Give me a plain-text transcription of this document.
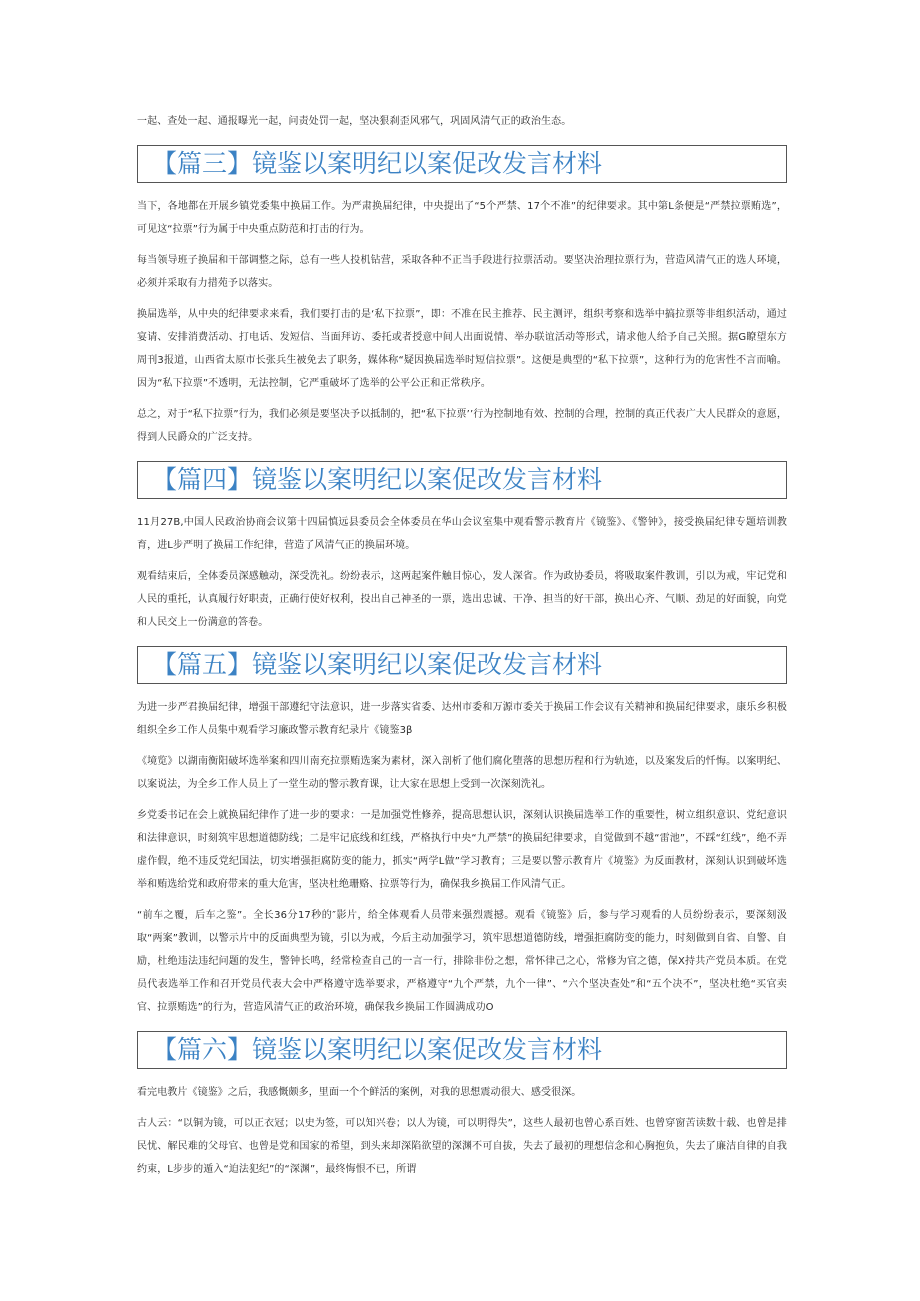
一起、查处一起、通报曝光一起，问责处罚一起，坚决狠刹歪风邪气，巩固风清气正的政治生态。

【篇三】镜鉴以案明纪以案促改发言材料

当下，各地都在开展乡镇党委集中换届工作。为严肃换届纪律，中央提出了“5个严禁、17个不准”的纪律要求。其中第L条便是“严禁拉票贿选”，可见这“拉票”行为属于中央重点防范和打击的行为。

每当领导班子换届和干部调整之际，总有一些人投机钻营，采取各种不正当手段进行拉票活动。要坚决治理拉票行为，营造风清气正的选人环境，必须并采取有力措苑予以落实。

换届选举，从中央的纪律要求来看，我们要打击的是‘私下拉票”，即：不准在民主推荐、民主测评，组织考察和选举中搞拉票等非组织活动，通过宴请、安排消费活动、打电话、发短信、当面拜访、委托或者授意中间人出面说情、举办联谊活动等形式，请求他人给予自己关照。据G瞭望东方周刊3报道，山西省太原市长张兵生被免去了职务，媒体称“疑因换届选举时短信拉票”。这便是典型的“私下拉票”，这种行为的危害性不言而喻。因为“私下拉票”不透明，无法控制，它严重破坏了选举的公平公正和正常秩序。

总之，对于“私下拉票”行为，我们必须是要坚决予以抵制的，把“私下拉票’’行为控制地有效、控制的合理，控制的真正代表广大人民群众的意愿，得到人民爵众的广泛支持。

【篇四】镜鉴以案明纪以案促改发言材料

11月27B,中国人民政治协商会议第十四届慎远县委员会全体委员在华山会议室集中观看警示教育片《镜鉴》、《警钟》，接受换届纪律专题培训教育，进L步严明了换届工作纪律，营造了风清气正的换届环境。

观看结束后，全体委员深感触动，深受洗礼。纷纷表示，这两起案件触目惊心，发人深省。作为政协委员，将吸取案件教训，引以为戒，牢记党和人民的重托，认真履行好职责，正确行使好权利，投出自己神圣的一票，选出忠诚、干净、担当的好干部，换出心齐、气顺、劲足的好面貌，向党和人民交上一份满意的答卷。

【篇五】镜鉴以案明纪以案促改发言材料

为进一步严君换届纪律，增强干部遵纪守法意识，进一步落实省委、达州市委和万源市委关于换届工作会议有关精神和换届纪律要求，康乐乡积极组织全乡工作人员集中观看学习廉政警示教育纪录片《镜鉴3β

《境览》以湖南衡阳破坏选举案和四川南充拉票贿选案为素材，深入剖析了他们腐化堕落的思想历程和行为轨迹，以及案发后的忏悔。以案明纪、以案说法，为全乡工作人员上了一堂生动的警示教育课，让大家在思想上受到一次深刻洗礼。

乡党委书记在会上就换届纪律作了进一步的要求：一是加强党性修养，提高思想认识，深刻认识换届选举工作的重要性，树立组织意识、党纪意识和法律意识，时刻筑牢思想道德防线；二是牢记底线和红线，严格执行中央“九严禁”的换届纪律要求，自觉做到不越“雷池”，不踩“红线”，绝不弄虚作假，绝不违反党纪国法，切实增强拒腐防变的能力，抓实“两学L做”学习教育；三是要以警示教育片《境鉴》为反面教材，深刻认识到破坏选举和贿选给党和政府带来的重大危害，坚决杜绝珊赂、拉票等行为，确保我乡换届工作风清气正。

“前车之覆，后车之鉴”。全长36分17秒的″影片，给全体观看人员带来强烈震撼。观看《镜鉴》后，参与学习观看的人员纷纷表示，要深刻汲取“两案”教训，以警示片中的反面典型为镜，引以为戒，今后主动加强学习，筑牢思想道德防线，增强拒腐防变的能力，时刻做到自省、自警、自励，杜绝违法违纪问题的发生，警钟长鸣，经常检查自己的一言一行，排除非份之想，常怀律己之心，常修为官之德，保X持共产党员本质。在党员代表选举工作和召开党员代表大会中严格遵守选举要求，严格遵守“九个严禁，九个一律”、“六个坚决查处”和“五个决不”，坚决杜绝“买官卖官、拉票贿选”的行为，营造风清气正的政治环境，确保我乡换届工作圆满成功O

【篇六】镜鉴以案明纪以案促改发言材料

看完电教片《镜鉴》之后，我感慨颇多，里面一个个鲜活的案例，对我的思想震动很大、感受很深。

古人云：“以铜为镜，可以正衣冠；以史为签，可以知兴卷；以人为镜，可以明得失”，这些人最初也曾心系百姓、也曾穿窗苦读数十载、也曾是排民忧、解民难的父母官、也曾是党和国家的希望，到头来却深陷欲望的深渊不可自拔，失去了最初的理想信念和心胸抱负，失去了廉洁自律的自我约束，L步步的遁入“迫法犯纪”的“深渊”，最终悔恨不已，所谓
